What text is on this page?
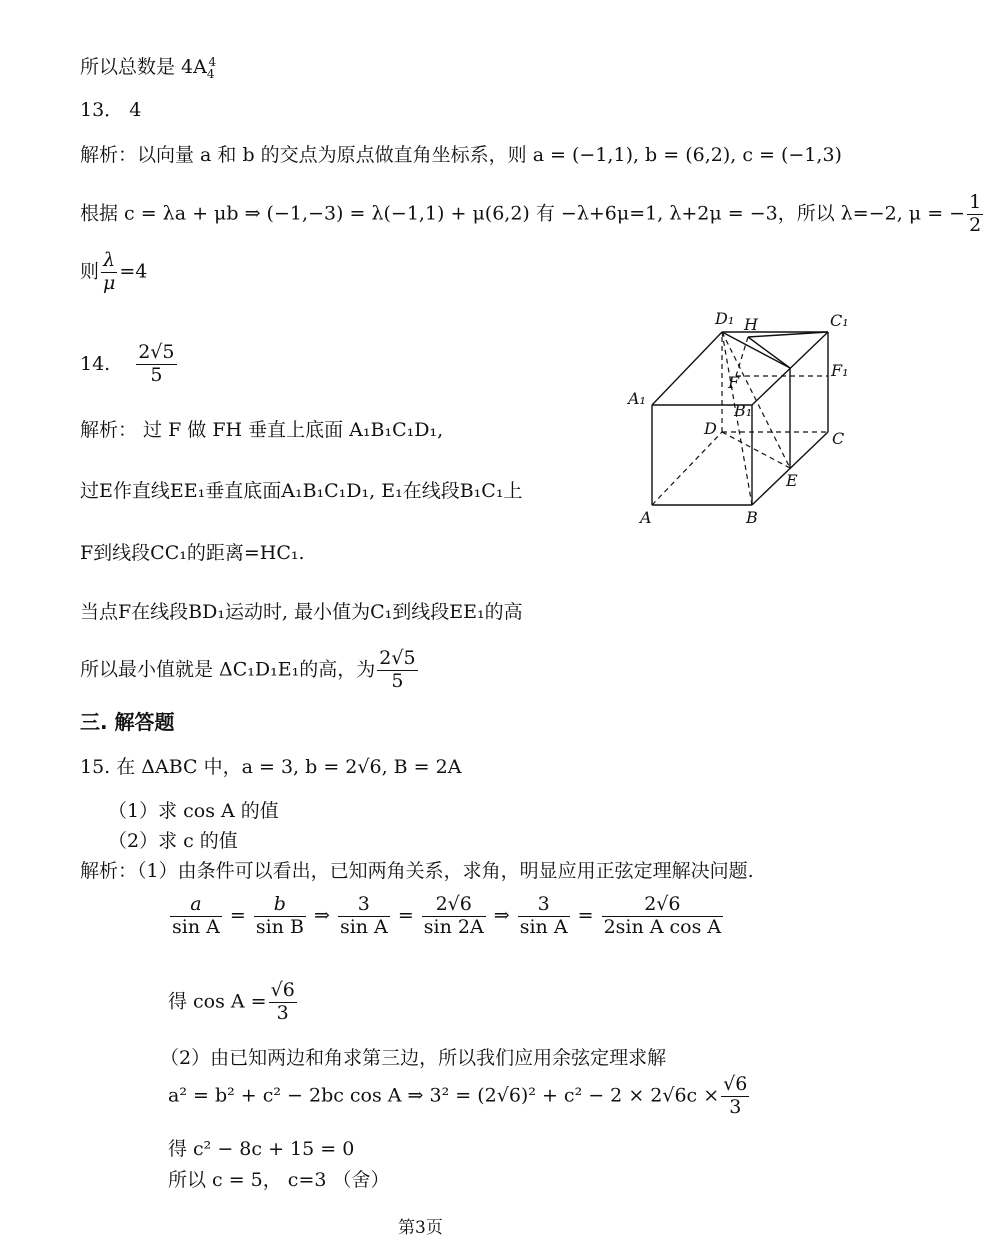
所以总数是 $4A_4^4$
13． 4
解析：以向量 a 和 b 的交点为原点做直角坐标系，则 a = (−1,1), b = (6,2), c = (−1,3)
根据 c = λa + μb ⇒ (−1,−3) = λ(−1,1) + μ(6,2) 有 −λ+6μ=1, λ+2μ = −3，所以 λ=−2, μ = − $\frac{1}{2}$
则 $\frac{\lambda}{\mu} =4$
14. $\frac{2√5}{5}$
解析： 过 F 做 FH 垂直上底面 A₁B₁C₁D₁,
过E作直线EE₁垂直底面A₁B₁C₁D₁, E₁在线段B₁C₁上
F到线段CC₁的距离=HC₁.
当点F在线段BD₁运动时, 最小值为C₁到线段EE₁的高
所以最小值就是 ΔC₁D₁E₁的高，为 $\frac{2√5}{5}$
三. 解答题
15. 在 ΔABC 中，a = 3, b = 2√6, B = 2A
（1）求 cos A 的值
（2）求 c 的值
解析：（1）由条件可以看出，已知两角关系，求角，明显应用正弦定理解决问题.
$\frac{a}{\text{sin A}} = \frac{b}{\text{sin B}}$ ⇒ $\frac{3}{\text{sin A}} = \frac{2√6}{\sin 2A}$ ⇒ $\frac{3}{\text{sin A}} = \frac{2√6}{\text{2sin A cos A}}$
得 $\cos A = \frac{√6}{3}$
（2）由已知两边和角求第三边，所以我们应用余弦定理求解
a² = b² + c² − 2bc cos A ⇒ $3^2 = (2√6)^2 + c^2 - 2 \times 2√6c \times \frac{√6}{3}$
得 c² − 8c + 15 = 0
所以 c = 5， c=3 （舍）
第3页
D₁ H	C₁
F₁
F
A₁
B₁
D
C
E
A	B
